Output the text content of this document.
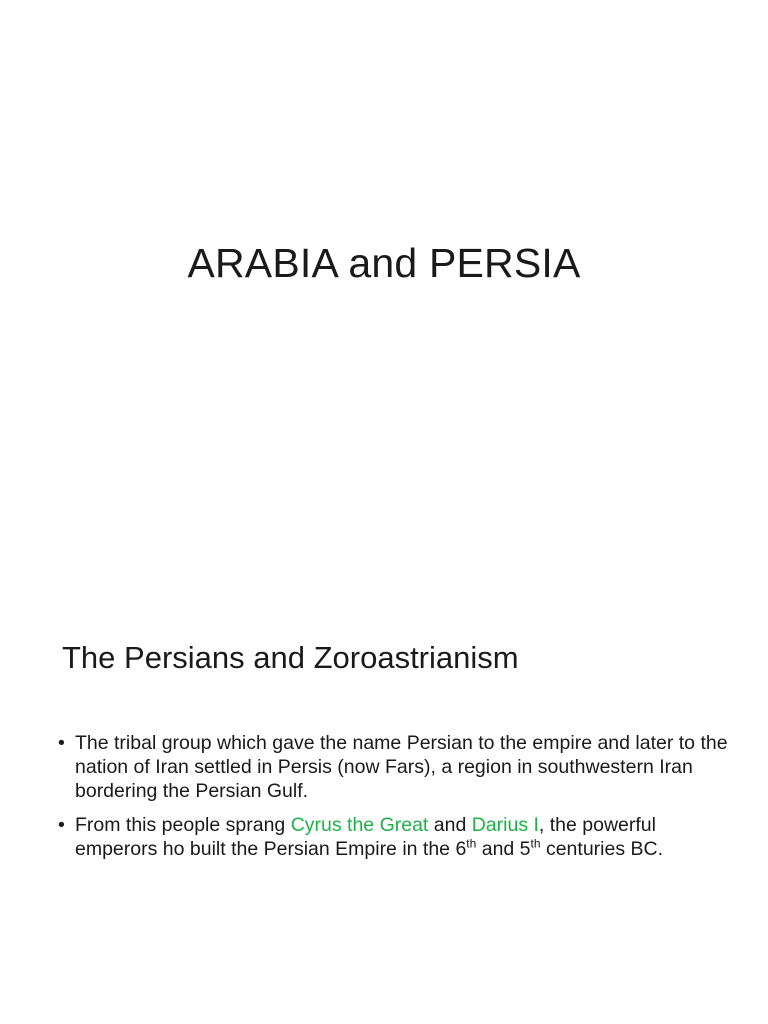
ARABIA and PERSIA
The Persians and Zoroastrianism
• The tribal group which gave the name Persian to the empire and later to the nation of Iran settled in Persis (now Fars), a region in southwestern Iran bordering the Persian Gulf.
• From this people sprang Cyrus the Great and Darius I, the powerful emperors ho built the Persian Empire in the 6th and 5th centuries BC.
